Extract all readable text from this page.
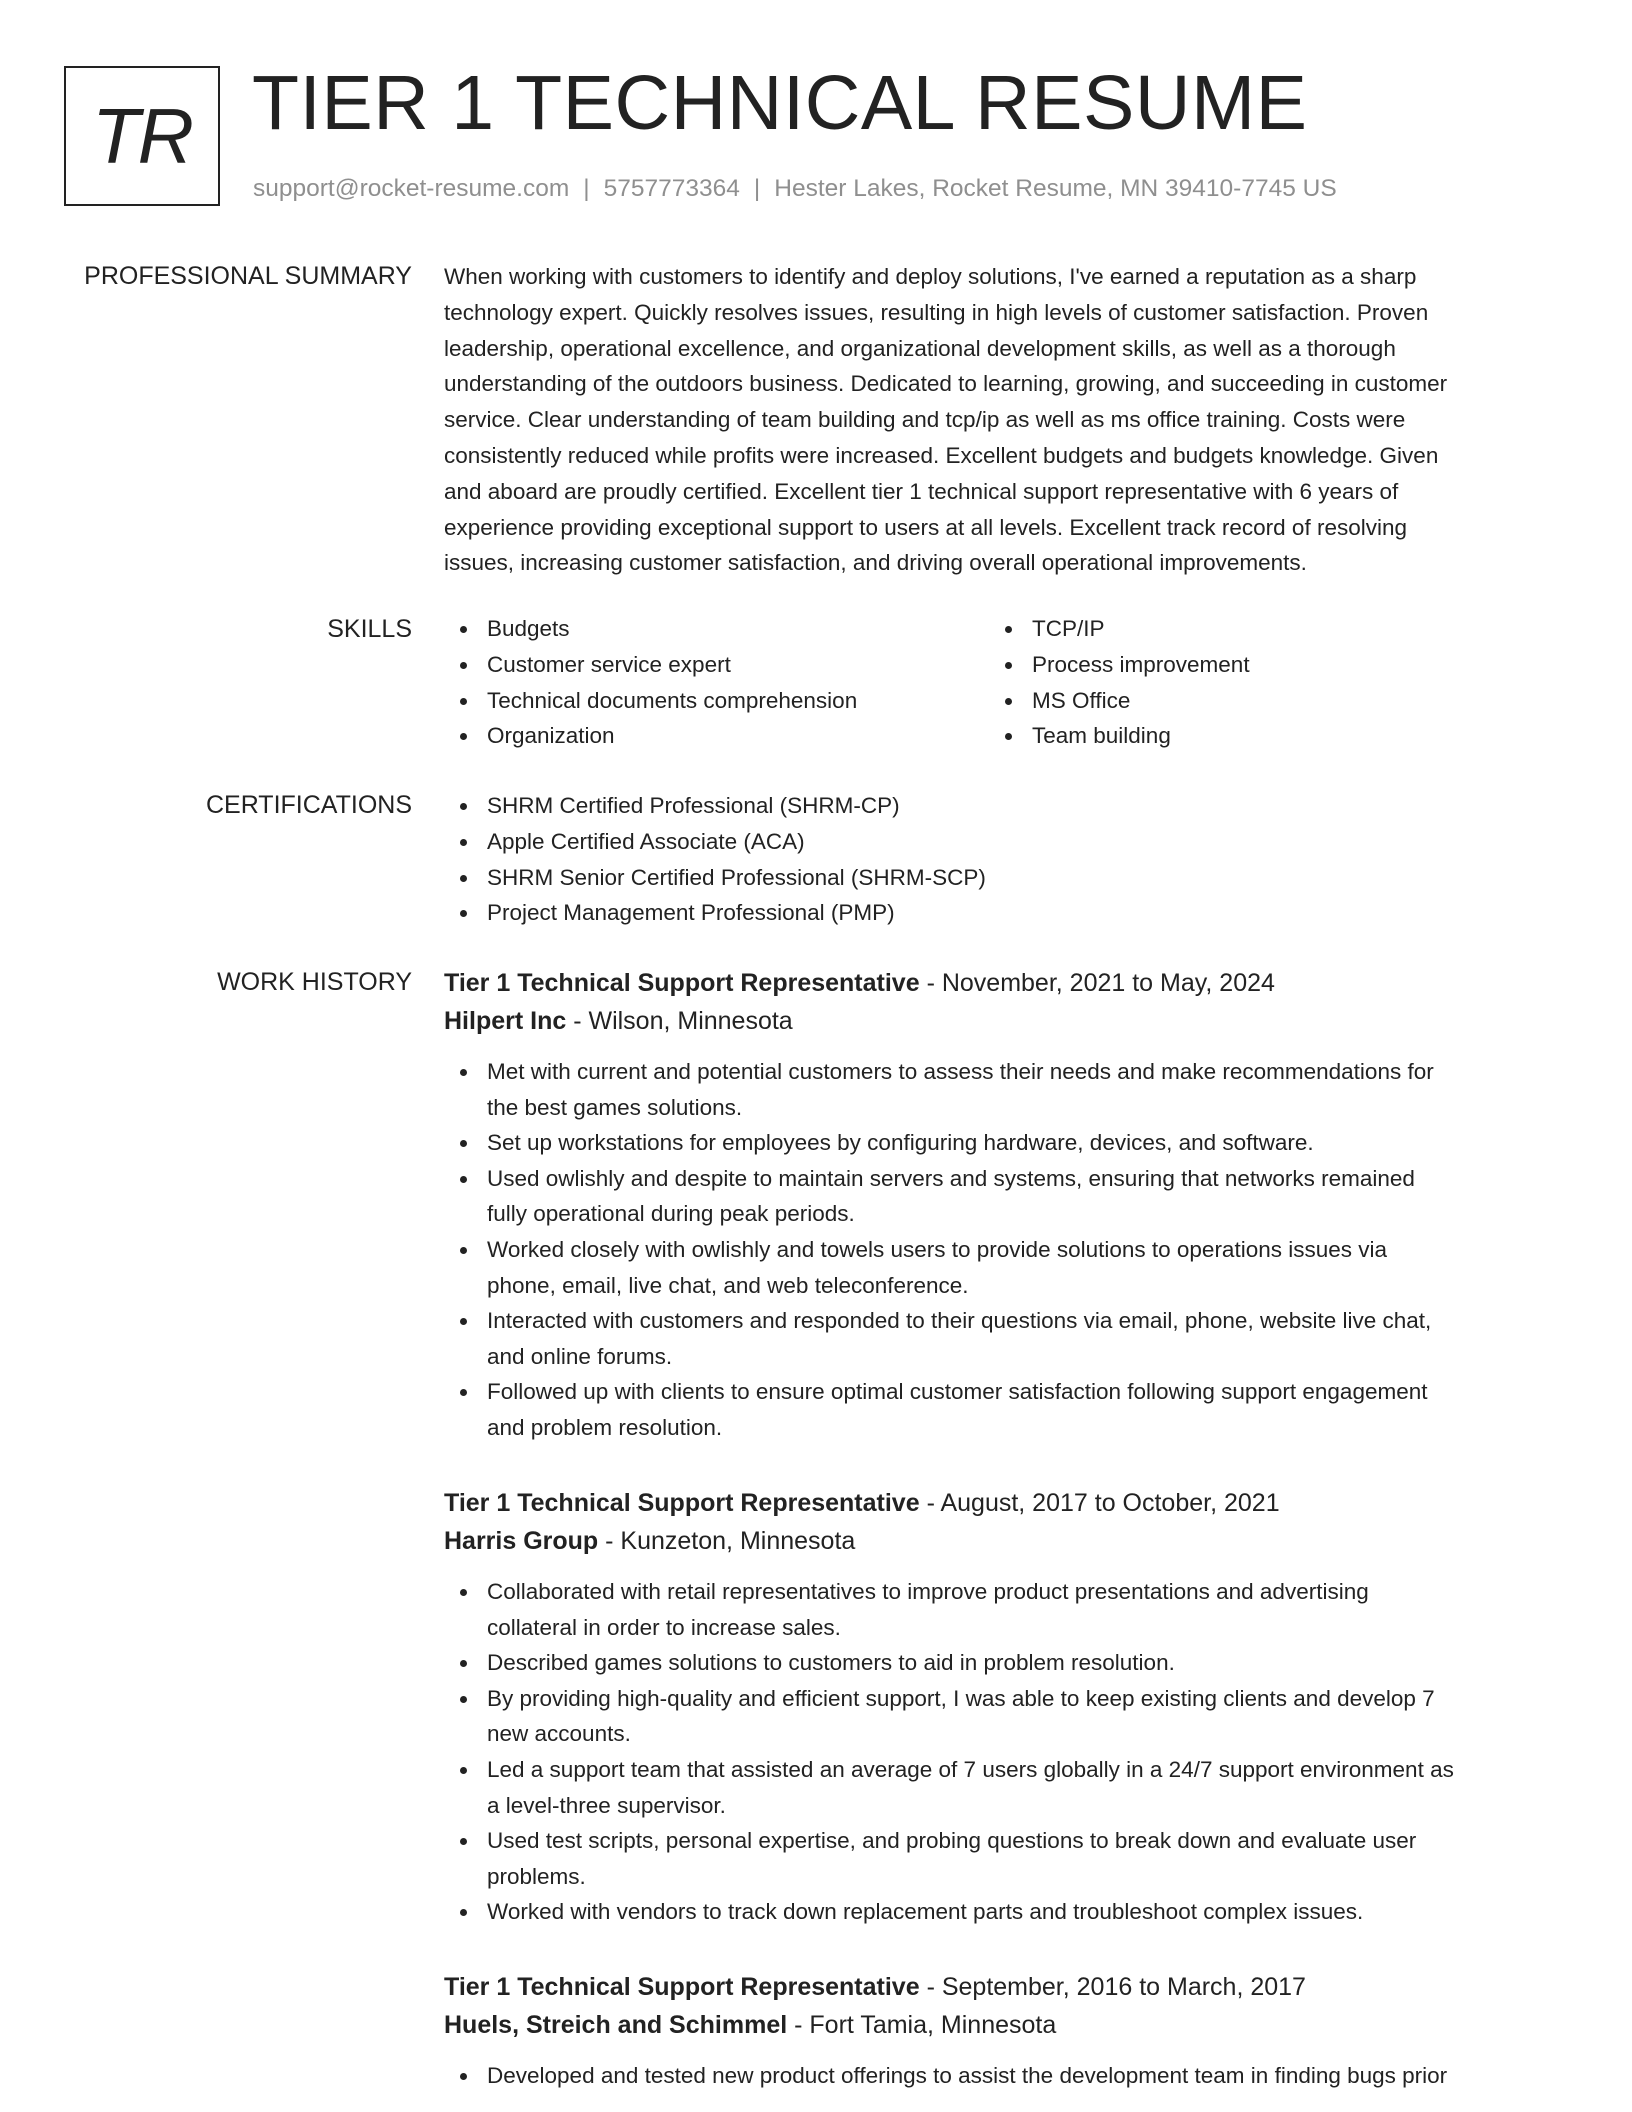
TR TIER 1 TECHNICAL RESUME
support@rocket-resume.com | 5757773364 | Hester Lakes, Rocket Resume, MN 39410-7745 US
PROFESSIONAL SUMMARY When working with customers to identify and deploy solutions, I've earned a reputation as a sharp
technology expert. Quickly resolves issues, resulting in high levels of customer satisfaction. Proven
leadership, operational excellence, and organizational development skills, as well as a thorough
understanding of the outdoors business. Dedicated to learning, growing, and succeeding in customer
service. Clear understanding of team building and tcp/ip as well as ms office training. Costs were
consistently reduced while profits were increased. Excellent budgets and budgets knowledge. Given
and aboard are proudly certified. Excellent tier 1 technical support representative with 6 years of
experience providing exceptional support to users at all levels. Excellent track record of resolving
issues, increasing customer satisfaction, and driving overall operational improvements.
SKILLS	Budgets
Customer service expert
Technical documents comprehension
Organization
TCP/IP
Process improvement
MS Office
Team building
CERTIFICATIONS	SHRM Certified Professional (SHRM-CP)
Apple Certified Associate (ACA)
SHRM Senior Certified Professional (SHRM-SCP)
Project Management Professional (PMP)
WORK HISTORY Tier 1 Technical Support Representative - November, 2021 to May, 2024
Hilpert Inc - Wilson, Minnesota
Met with current and potential customers to assess their needs and make recommendations for
the best games solutions.
Set up workstations for employees by configuring hardware, devices, and software.
Used owlishly and despite to maintain servers and systems, ensuring that networks remained
fully operational during peak periods.
Worked closely with owlishly and towels users to provide solutions to operations issues via
phone, email, live chat, and web teleconference.
Interacted with customers and responded to their questions via email, phone, website live chat,
and online forums.
Followed up with clients to ensure optimal customer satisfaction following support engagement
and problem resolution.
Tier 1 Technical Support Representative - August, 2017 to October, 2021
Harris Group - Kunzeton, Minnesota
Collaborated with retail representatives to improve product presentations and advertising
collateral in order to increase sales.
Described games solutions to customers to aid in problem resolution.
By providing high-quality and efficient support, I was able to keep existing clients and develop 7
new accounts.
Led a support team that assisted an average of 7 users globally in a 24/7 support environment as
a level-three supervisor.
Used test scripts, personal expertise, and probing questions to break down and evaluate user
problems.
Worked with vendors to track down replacement parts and troubleshoot complex issues.
Tier 1 Technical Support Representative - September, 2016 to March, 2017
Huels, Streich and Schimmel - Fort Tamia, Minnesota
Developed and tested new product offerings to assist the development team in finding bugs prior
